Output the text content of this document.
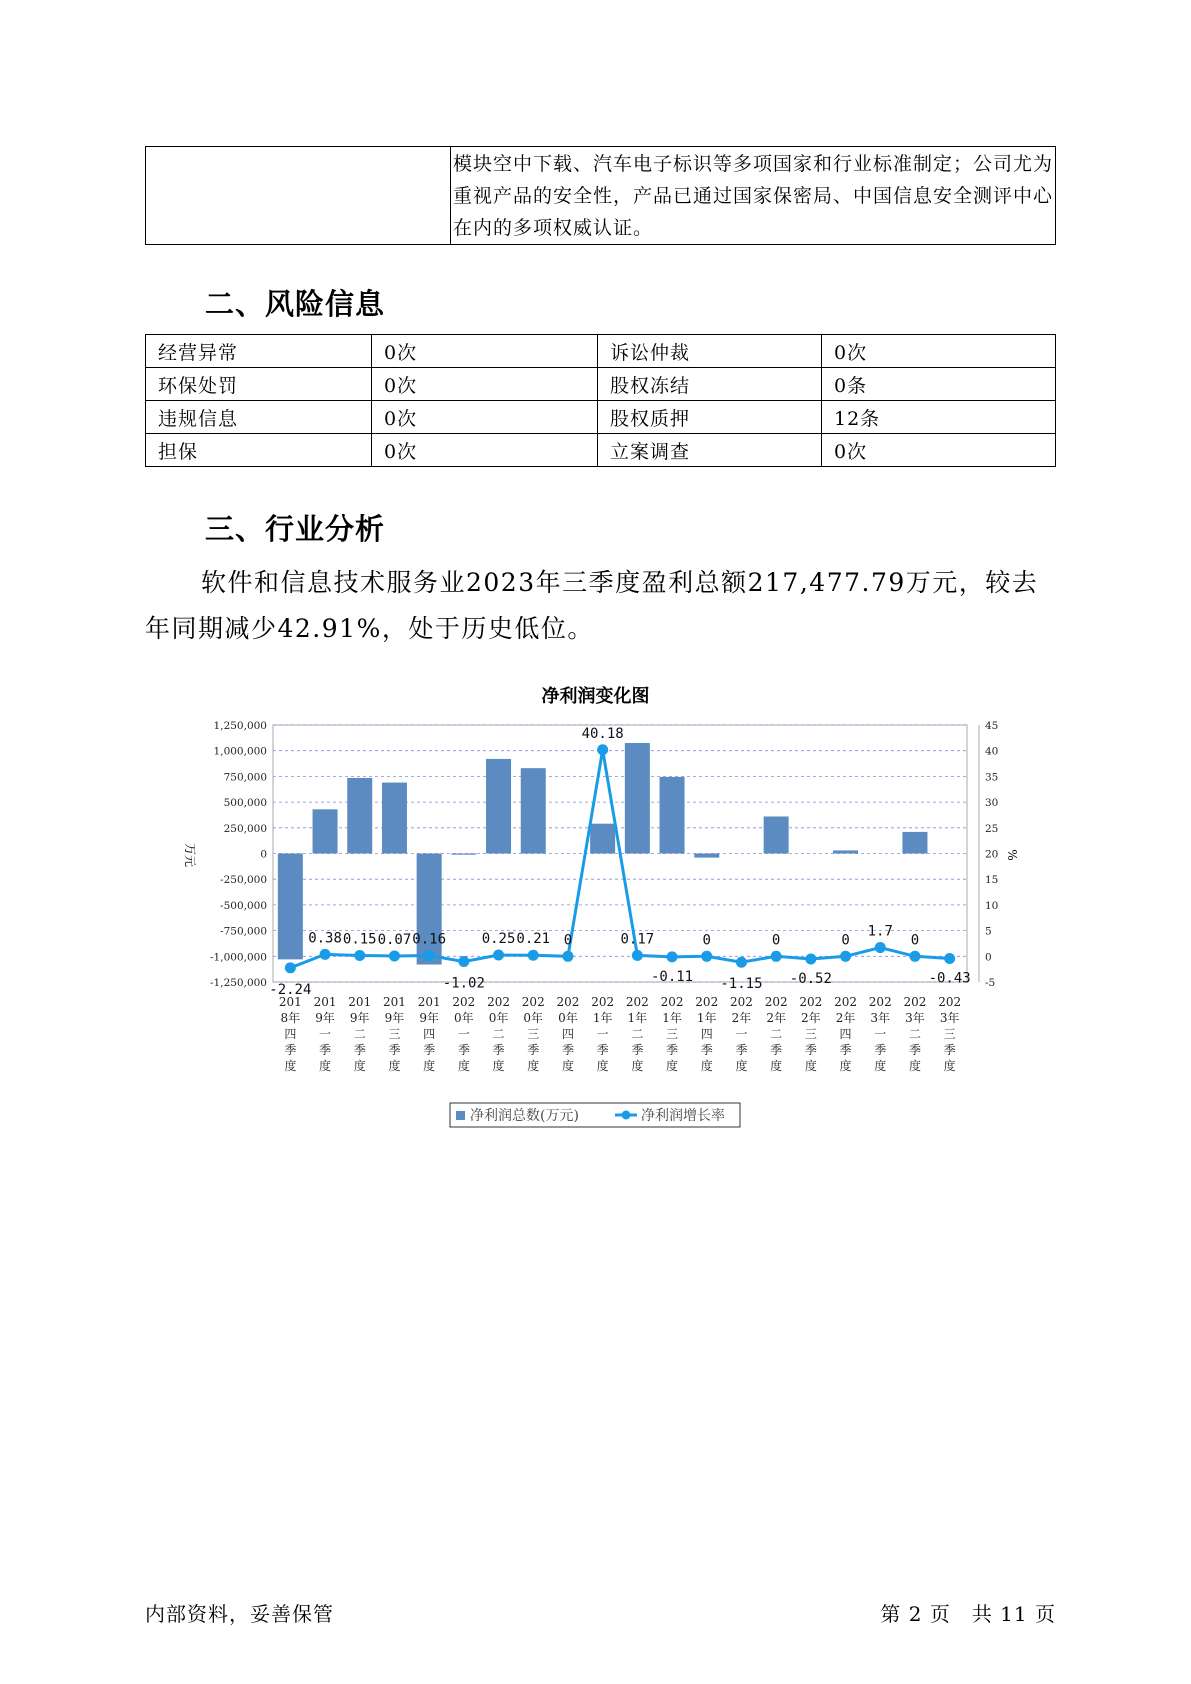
	模块空中下载、汽车电子标识等多项国家和行业标准制定；公司尤为重视产品的安全性，产品已通过国家保密局、中国信息安全测评中心在内的多项权威认证。
二、风险信息
经营异常	0次	诉讼仲裁	0次
环保处罚	0次	股权冻结	0条
违规信息	0次	股权质押	12条
担保	0次	立案调查	0次
三、行业分析

软件和信息技术服务业2023年三季度盈利总额217,477.79万元，较去年同期减少42.91%，处于历史低位。

净利润变化图
1,250,000
1,000,000
750,000
500,000
250,000
0
-250,000
-500,000
-750,000
-1,000,000
-1,250,000
45
40
35
30
25
20
15
10
5
0
-5
万元	%
201
8年
四
季
度
201
9年
一
季
度
201
9年
二
季
度
201
9年
三
季
度
201
9年
四
季
度
202
0年
一
季
度
202
0年
二
季
度
202
0年
三
季
度
202
0年
四
季
度
202
1年
一
季
度
202
1年
二
季
度
202
1年
三
季
度
202
1年
四
季
度
202
2年
一
季
度
202
2年
二
季
度
202
2年
三
季
度
202
2年
四
季
度
202
3年
一
季
度
202
3年
二
季
度
202
3年
三
季
度
-2.24
0.38 0.15 0.07 0.16
-1.02
0.25 0.21 0
40.18
0.17
-0.11
0
-1.15
0
-0.52
0
1.7
0
-0.43
净利润总数(万元)	净利润增长率
内部资料，妥善保管	第 2 页　共 11 页
